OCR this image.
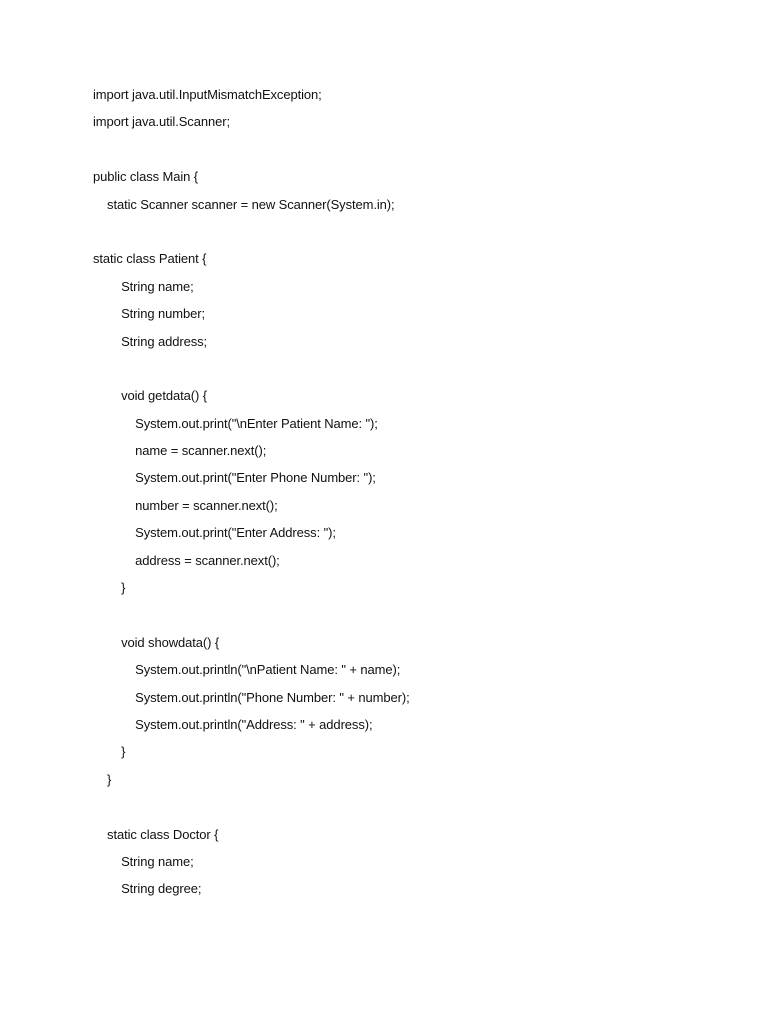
import java.util.InputMismatchException;
import java.util.Scanner;
public class Main {
static Scanner scanner = new Scanner(System.in);
static class Patient {
String name;
String number;
String address;
void getdata() {
System.out.print("\nEnter Patient Name: ");
name = scanner.next();
System.out.print("Enter Phone Number: ");
number = scanner.next();
System.out.print("Enter Address: ");
address = scanner.next();
}
void showdata() {
System.out.println("\nPatient Name: " + name);
System.out.println("Phone Number: " + number);
System.out.println("Address: " + address);
}
}
static class Doctor {
String name;
String degree;
